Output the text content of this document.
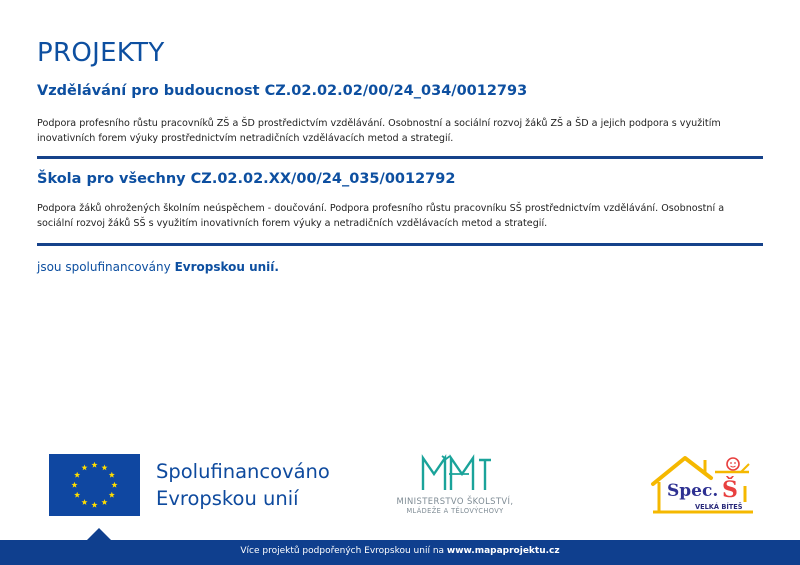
PROJEKTY
Vzdělávání pro budoucnost CZ.02.02.02/00/24_034/0012793

Podpora profesního růstu pracovníků ZŠ a ŠD prostředictvím vzdělávání. Osobnostní a sociální rozvoj žáků ZŠ a ŠD a jejich podpora s využitím inovativních forem výuky prostřednictvím netradičních vzdělávacích metod a strategií.

Škola pro všechny CZ.02.02.XX/00/24_035/0012792

Podpora žáků ohrožených školním neúspěchem - doučování. Podpora profesního růstu pracovníku SŠ prostřednictvím vzdělávání. Osobnostní a sociální rozvoj žáků SŠ s využitím inovativních forem výuky a netradičních vzdělávacích metod a strategií.

jsou spolufinancovány Evropskou unií.

Spolufinancováno
Evropskou unií	MINISTERSTVO ŠKOLSTVÍ,
MLÁDEŽE A TĚLOVÝCHOVY
Spec. Š
VELKÁ BÍTEŠ
Více projektů podpořených Evropskou unií na www.mapaprojektu.cz
